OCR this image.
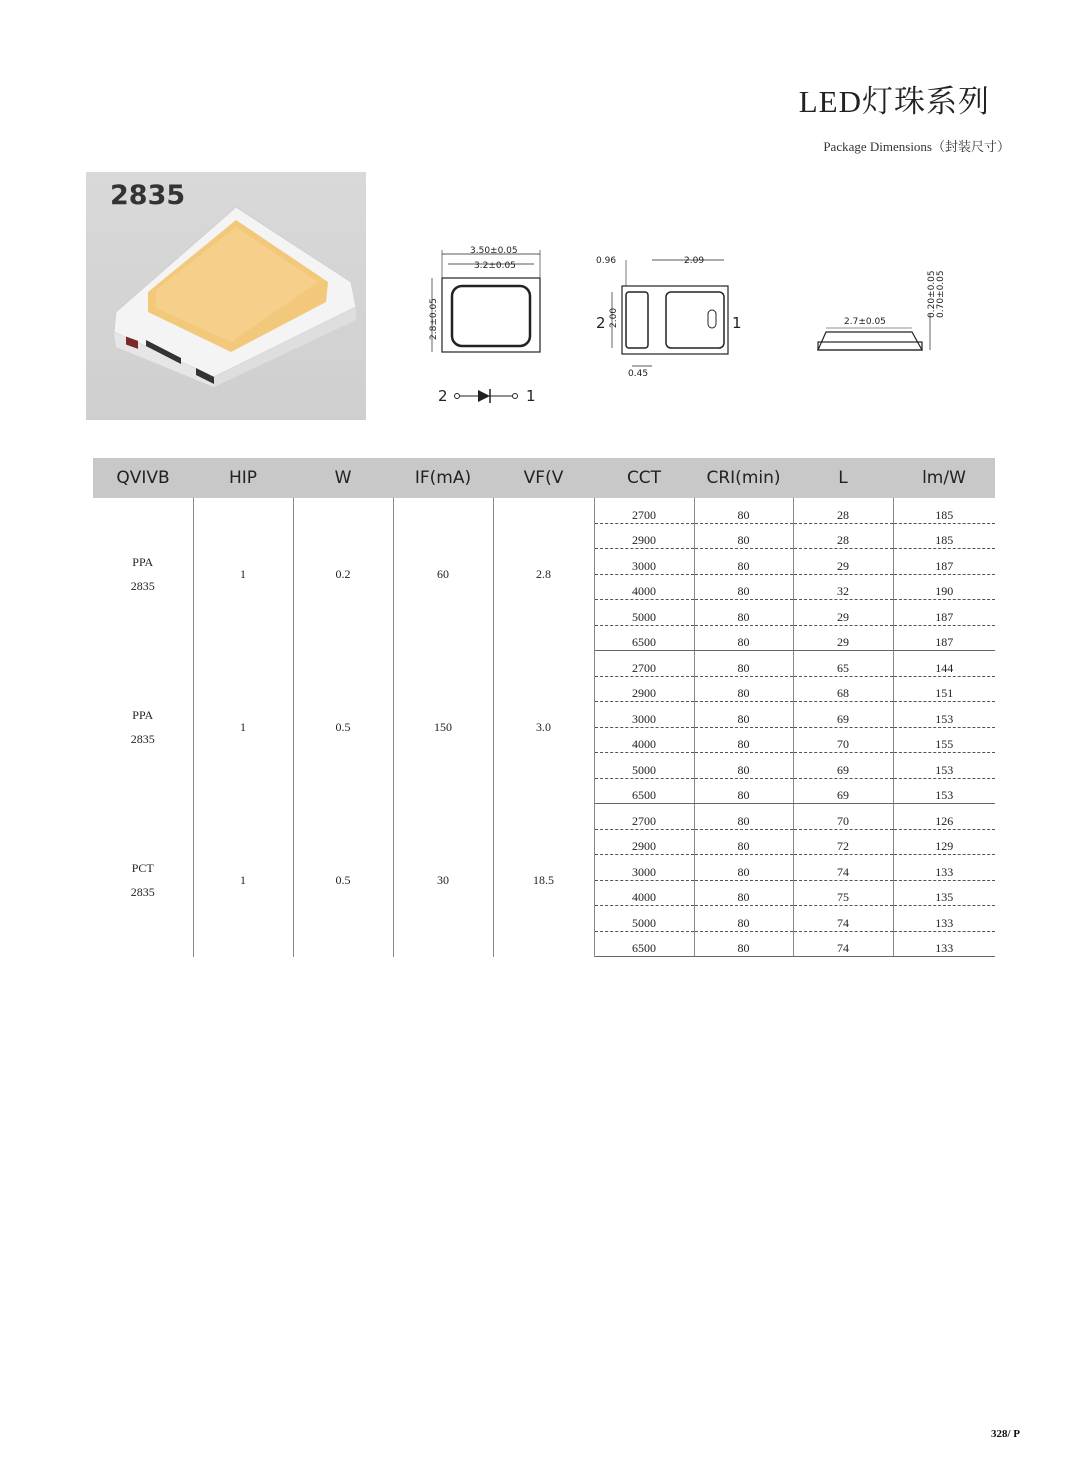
LED灯珠系列
Package Dimensions（封装尺寸）
2835
3.50±0.05
3.2±0.05
2.8±0.05
2	1
0.96	2.09
2.00
0.45
2	1	2.7±0.05
0.20±0.05 0.70±0.05
QVIVB	HIP	W	IF(mA)	VF(V	CCT	CRI(min)	L	lm/W
PPA
2835	1	0.2	60	2.8	2700	80	28	185
					2900	80	28	185
					3000	80	29	187
					4000	80	32	190
					5000	80	29	187
					6500	80	29	187
PPA
2835	1	0.5	150	3.0	2700	80	65	144
					2900	80	68	151
					3000	80	69	153
					4000	80	70	155
					5000	80	69	153
					6500	80	69	153
PCT
2835	1	0.5	30	18.5	2700	80	70	126
					2900	80	72	129
					3000	80	74	133
					4000	80	75	135
					5000	80	74	133
					6500	80	74	133
328/ P
